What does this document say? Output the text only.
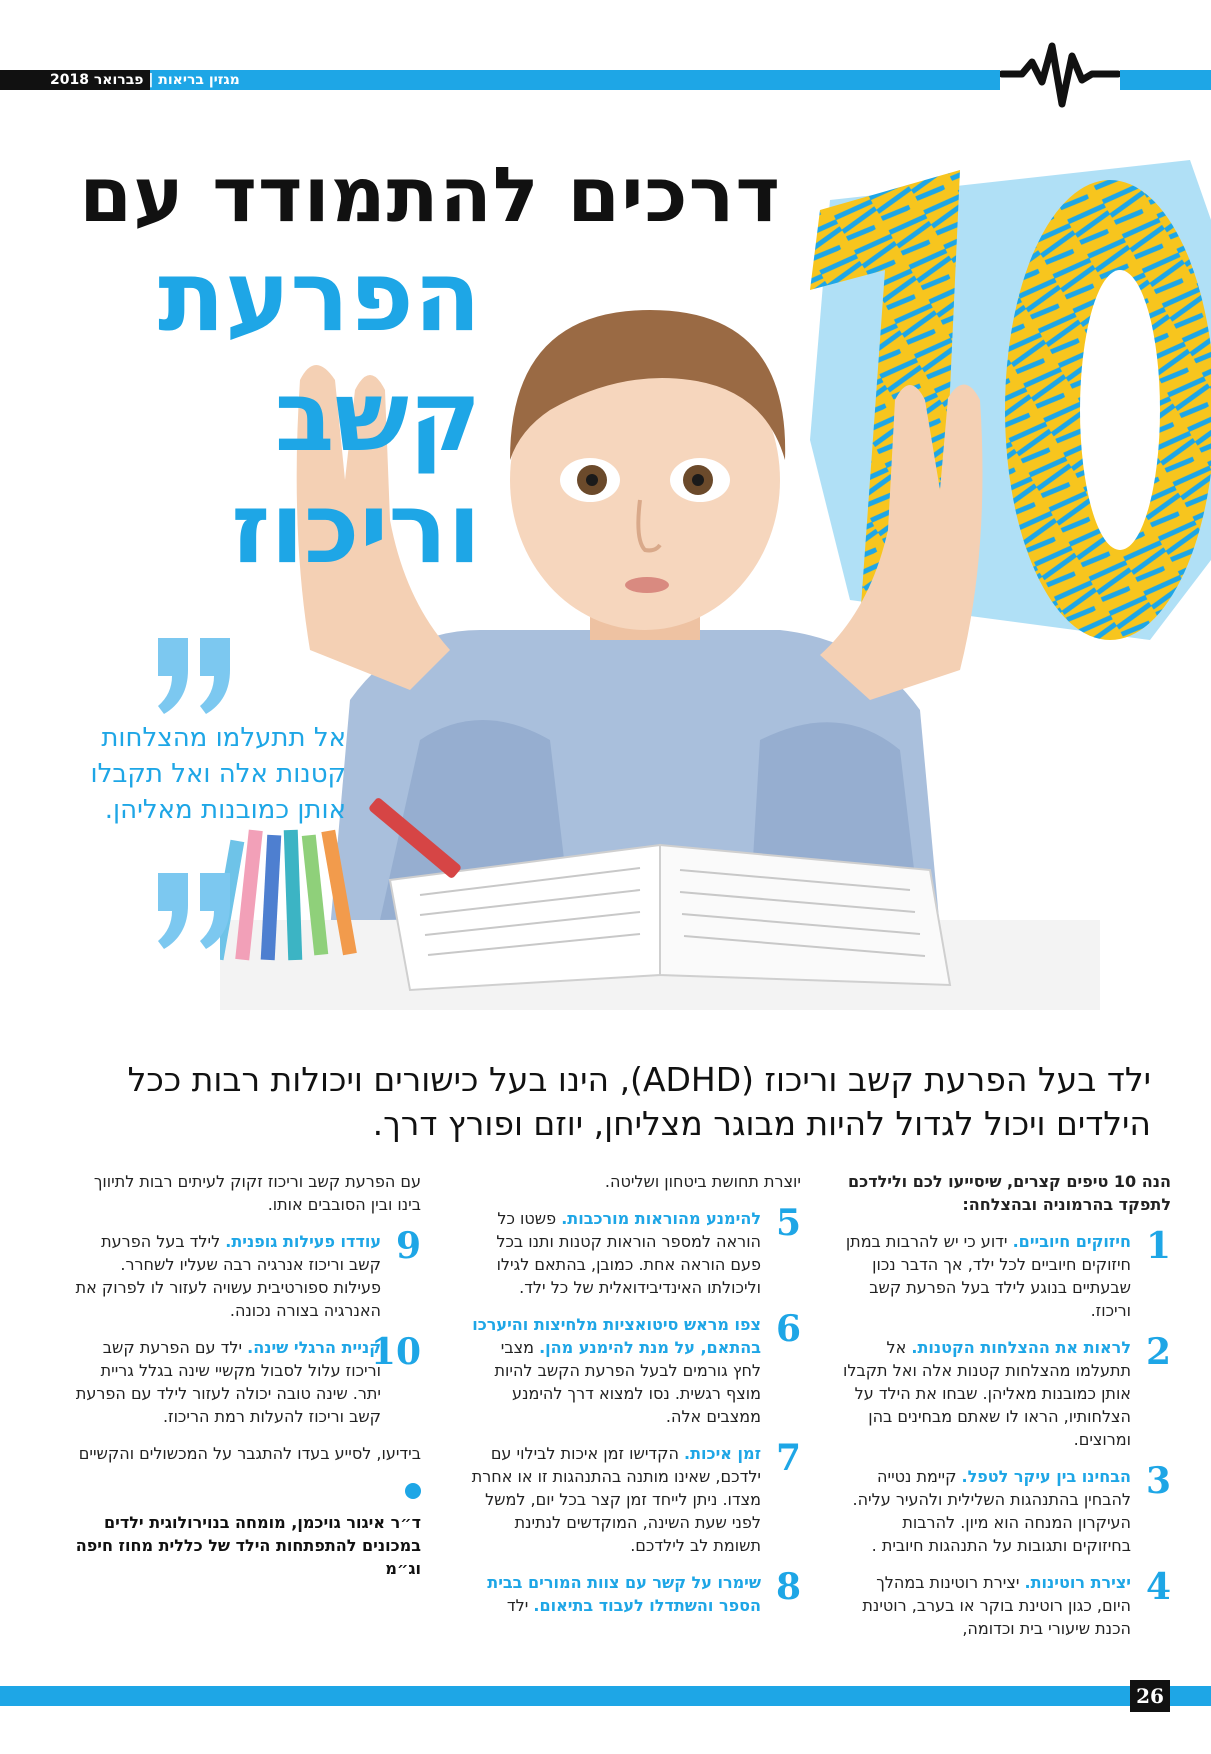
מגזין בריאות | פברואר 2018
דרכים להתמודד עם
הפרעת
קשב
וריכוז
אל תתעלמו מהצלחות קטנות אלה ואל תקבלו אותן כמובנות מאליהן.
ילד בעל הפרעת קשב וריכוז (ADHD), הינו בעל כישורים ויכולות רבות ככל הילדים ויכול לגדול להיות מבוגר מצליחן, יוזם ופורץ דרך.
הנה 10 טיפים קצרים, שיסייעו לכם ולילדכם לתפקד בהרמוניה ובהצלחה:
1
חיזוקים חיוביים. ידוע כי יש להרבות במתן חיזוקים חיוביים לכל ילד, אך הדבר נכון שבעתיים בנוגע לילד בעל הפרעת קשב וריכוז.
2
לראות את ההצלחות הקטנות. אל תתעלמו מהצלחות קטנות אלה ואל תקבלו אותן כמובנות מאליהן. שבחו את הילד על הצלחותיו, הראו לו שאתם מבחינים בהן ומרוצים.
3
הבחינו בין עיקר לטפל. קיימת נטייה להבחין בהתנהגות השלילית ולהעיר עליה. העיקרון המנחה הוא מיון. להרבות בחיזוקים ותגובות על התנהגות חיובית .
4
יצירת רוטינות. יצירת רוטינות במהלך היום, כגון רוטינת בוקר או בערב, רוטינת הכנת שיעורי בית וכדומה,
יוצרת תחושת ביטחון ושליטה.
5
להימנע מהוראות מורכבות. פשטו כל הוראה למספר הוראות קטנות ותנו בכל פעם הוראה אחת. כמובן, בהתאם לגילו וליכולתו האינדיבידואלית של כל ילד.
6
צפו מראש סיטואציות מלחיצות והיערכו בהתאם, על מנת להימנע מהן. מצבי לחץ גורמים לבעל הפרעת הקשב להיות מוצף רגשית. נסו למצוא דרך להימנע ממצבים אלה.
7
זמן איכות. הקדישו זמן איכות לבילוי עם ילדכם, שאינו מותנה בהתנהגות זו או אחרת מצדו. ניתן לייחד זמן קצר בכל יום, למשל לפני שעת השינה, המוקדשים לנתינת תשומת לב לילדכם.
8
שימרו על קשר עם צוות המורים בבית הספר והשתדלו לעבוד בתיאום. ילד
עם הפרעת קשב וריכוז זקוק לעיתים רבות לתיווך בינו ובין הסובבים אותו.
9
עודדו פעילות גופנית. לילד בעל הפרעת קשב וריכוז אנרגיה רבה שעליו לשחרר. פעילות ספורטיבית עשויה לעזור לו לפרוק את האנרגיה בצורה נכונה.
10
קניית הרגלי שינה. ילד עם הפרעת קשב וריכוז עלול לסבול מקשיי שינה בגלל גריית יתר. שינה טובה יכולה לעזור לילד עם הפרעת קשב וריכוז להעלות רמת הריכוז.
בידיעו, לסייע בעדו להתגבר על המכשולים והקשיים
ד״ר איגור גויכמן, מומחה בנוירולוגית ילדים במכונים להתפתחות הילד של כללית מחוז חיפה וג״מ
26
